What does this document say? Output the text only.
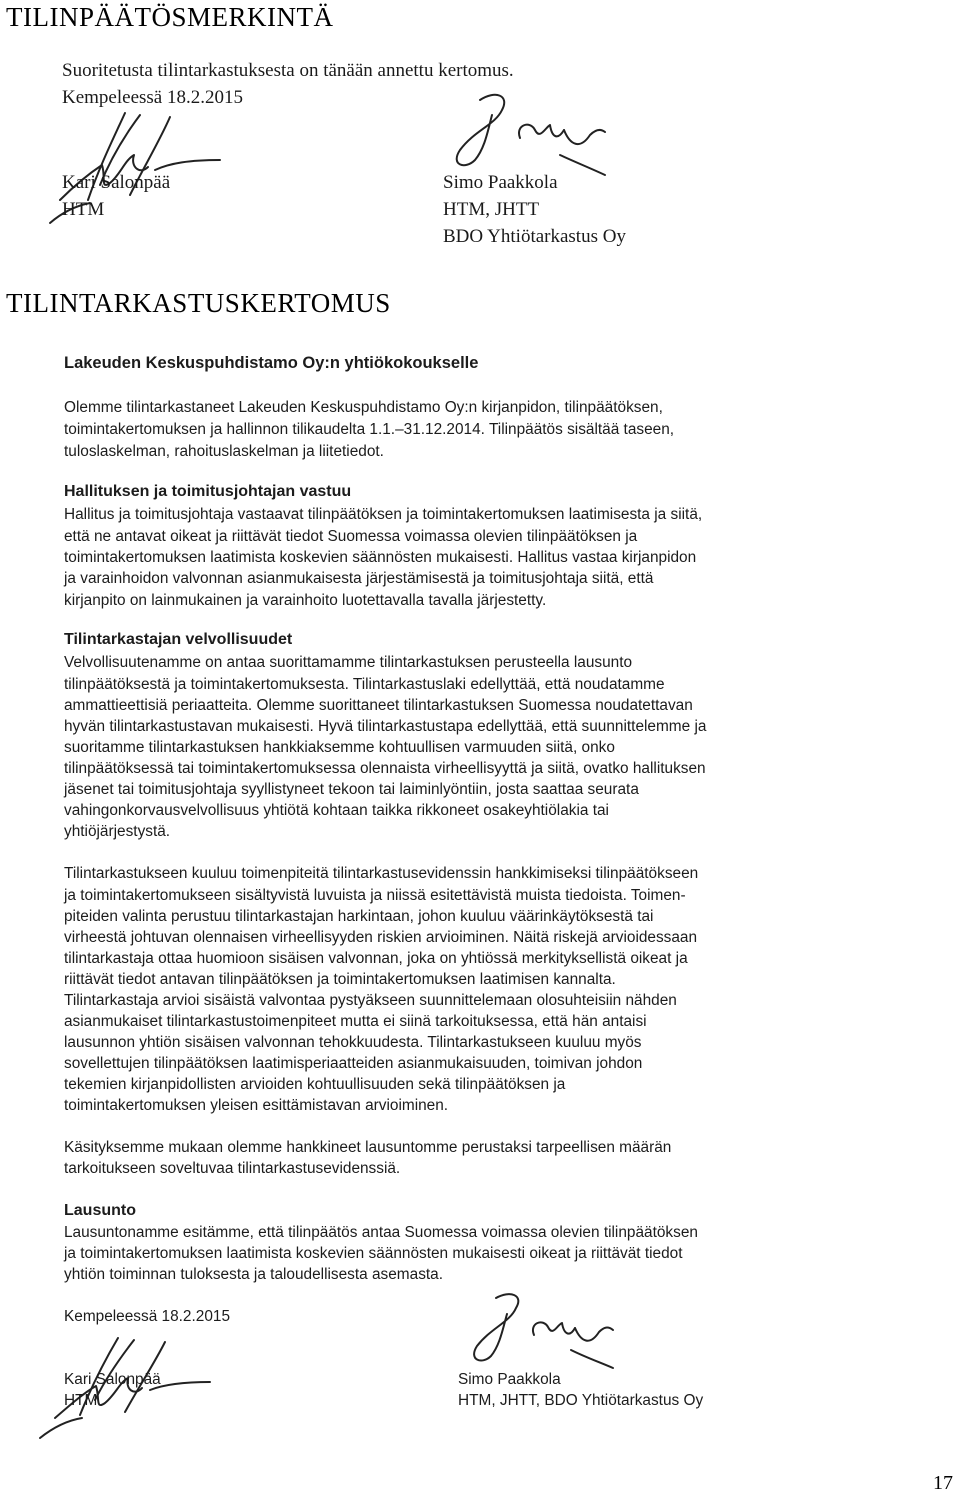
TILINPÄÄTÖSMERKINTÄ
Suoritetusta tilintarkastuksesta on tänään annettu kertomus.
Kempeleessä 18.2.2015
Kari Salonpää
HTM
Simo Paakkola
HTM, JHTT
BDO Yhtiötarkastus Oy
TILINTARKASTUSKERTOMUS
Lakeuden Keskuspuhdistamo Oy:n yhtiökokoukselle
Olemme tilintarkastaneet Lakeuden Keskuspuhdistamo Oy:n kirjanpidon, tilinpäätöksen,
toimintakertomuksen ja hallinnon tilikaudelta 1.1.–31.12.2014. Tilinpäätös sisältää taseen,
tuloslaskelman, rahoituslaskelman ja liitetiedot.
Hallituksen ja toimitusjohtajan vastuu
Hallitus ja toimitusjohtaja vastaavat tilinpäätöksen ja toimintakertomuksen laatimisesta ja siitä,
että ne antavat oikeat ja riittävät tiedot Suomessa voimassa olevien tilinpäätöksen ja
toimintakertomuksen laatimista koskevien säännösten mukaisesti. Hallitus vastaa kirjanpidon
ja varainhoidon valvonnan asianmukaisesta järjestämisestä ja toimitusjohtaja siitä, että
kirjanpito on lainmukainen ja varainhoito luotettavalla tavalla järjestetty.
Tilintarkastajan velvollisuudet
Velvollisuutenamme on antaa suorittamamme tilintarkastuksen perusteella lausunto
tilinpäätöksestä ja toimintakertomuksesta. Tilintarkastuslaki edellyttää, että noudatamme
ammattieettisiä periaatteita. Olemme suorittaneet tilintarkastuksen Suomessa noudatettavan
hyvän tilintarkastustavan mukaisesti. Hyvä tilintarkastustapa edellyttää, että suunnittelemme ja
suoritamme tilintarkastuksen hankkiaksemme kohtuullisen varmuuden siitä, onko
tilinpäätöksessä tai toimintakertomuksessa olennaista virheellisyyttä ja siitä, ovatko hallituksen
jäsenet tai toimitusjohtaja syyllistyneet tekoon tai laiminlyöntiin, josta saattaa seurata
vahingonkorvausvelvollisuus yhtiötä kohtaan taikka rikkoneet osakeyhtiölakia tai
yhtiöjärjestystä.
Tilintarkastukseen kuuluu toimenpiteitä tilintarkastusevidenssin hankkimiseksi tilinpäätökseen
ja toimintakertomukseen sisältyvistä luvuista ja niissä esitettävistä muista tiedoista. Toimen-
piteiden valinta perustuu tilintarkastajan harkintaan, johon kuuluu väärinkäytöksestä tai
virheestä johtuvan olennaisen virheellisyyden riskien arvioiminen. Näitä riskejä arvioidessaan
tilintarkastaja ottaa huomioon sisäisen valvonnan, joka on yhtiössä merkityksellistä oikeat ja
riittävät tiedot antavan tilinpäätöksen ja toimintakertomuksen laatimisen kannalta.
Tilintarkastaja arvioi sisäistä valvontaa pystyäkseen suunnittelemaan olosuhteisiin nähden
asianmukaiset tilintarkastustoimenpiteet mutta ei siinä tarkoituksessa, että hän antaisi
lausunnon yhtiön sisäisen valvonnan tehokkuudesta. Tilintarkastukseen kuuluu myös
sovellettujen tilinpäätöksen laatimisperiaatteiden asianmukaisuuden, toimivan johdon
tekemien kirjanpidollisten arvioiden kohtuullisuuden sekä tilinpäätöksen ja
toimintakertomuksen yleisen esittämistavan arvioiminen.
Käsityksemme mukaan olemme hankkineet lausuntomme perustaksi tarpeellisen määrän
tarkoitukseen soveltuvaa tilintarkastusevidenssiä.
Lausunto
Lausuntonamme esitämme, että tilinpäätös antaa Suomessa voimassa olevien tilinpäätöksen
ja toimintakertomuksen laatimista koskevien säännösten mukaisesti oikeat ja riittävät tiedot
yhtiön toiminnan tuloksesta ja taloudellisesta asemasta.
Kempeleessä 18.2.2015
Kari Salonpää
HTM
Simo Paakkola
HTM, JHTT, BDO Yhtiötarkastus Oy
17
